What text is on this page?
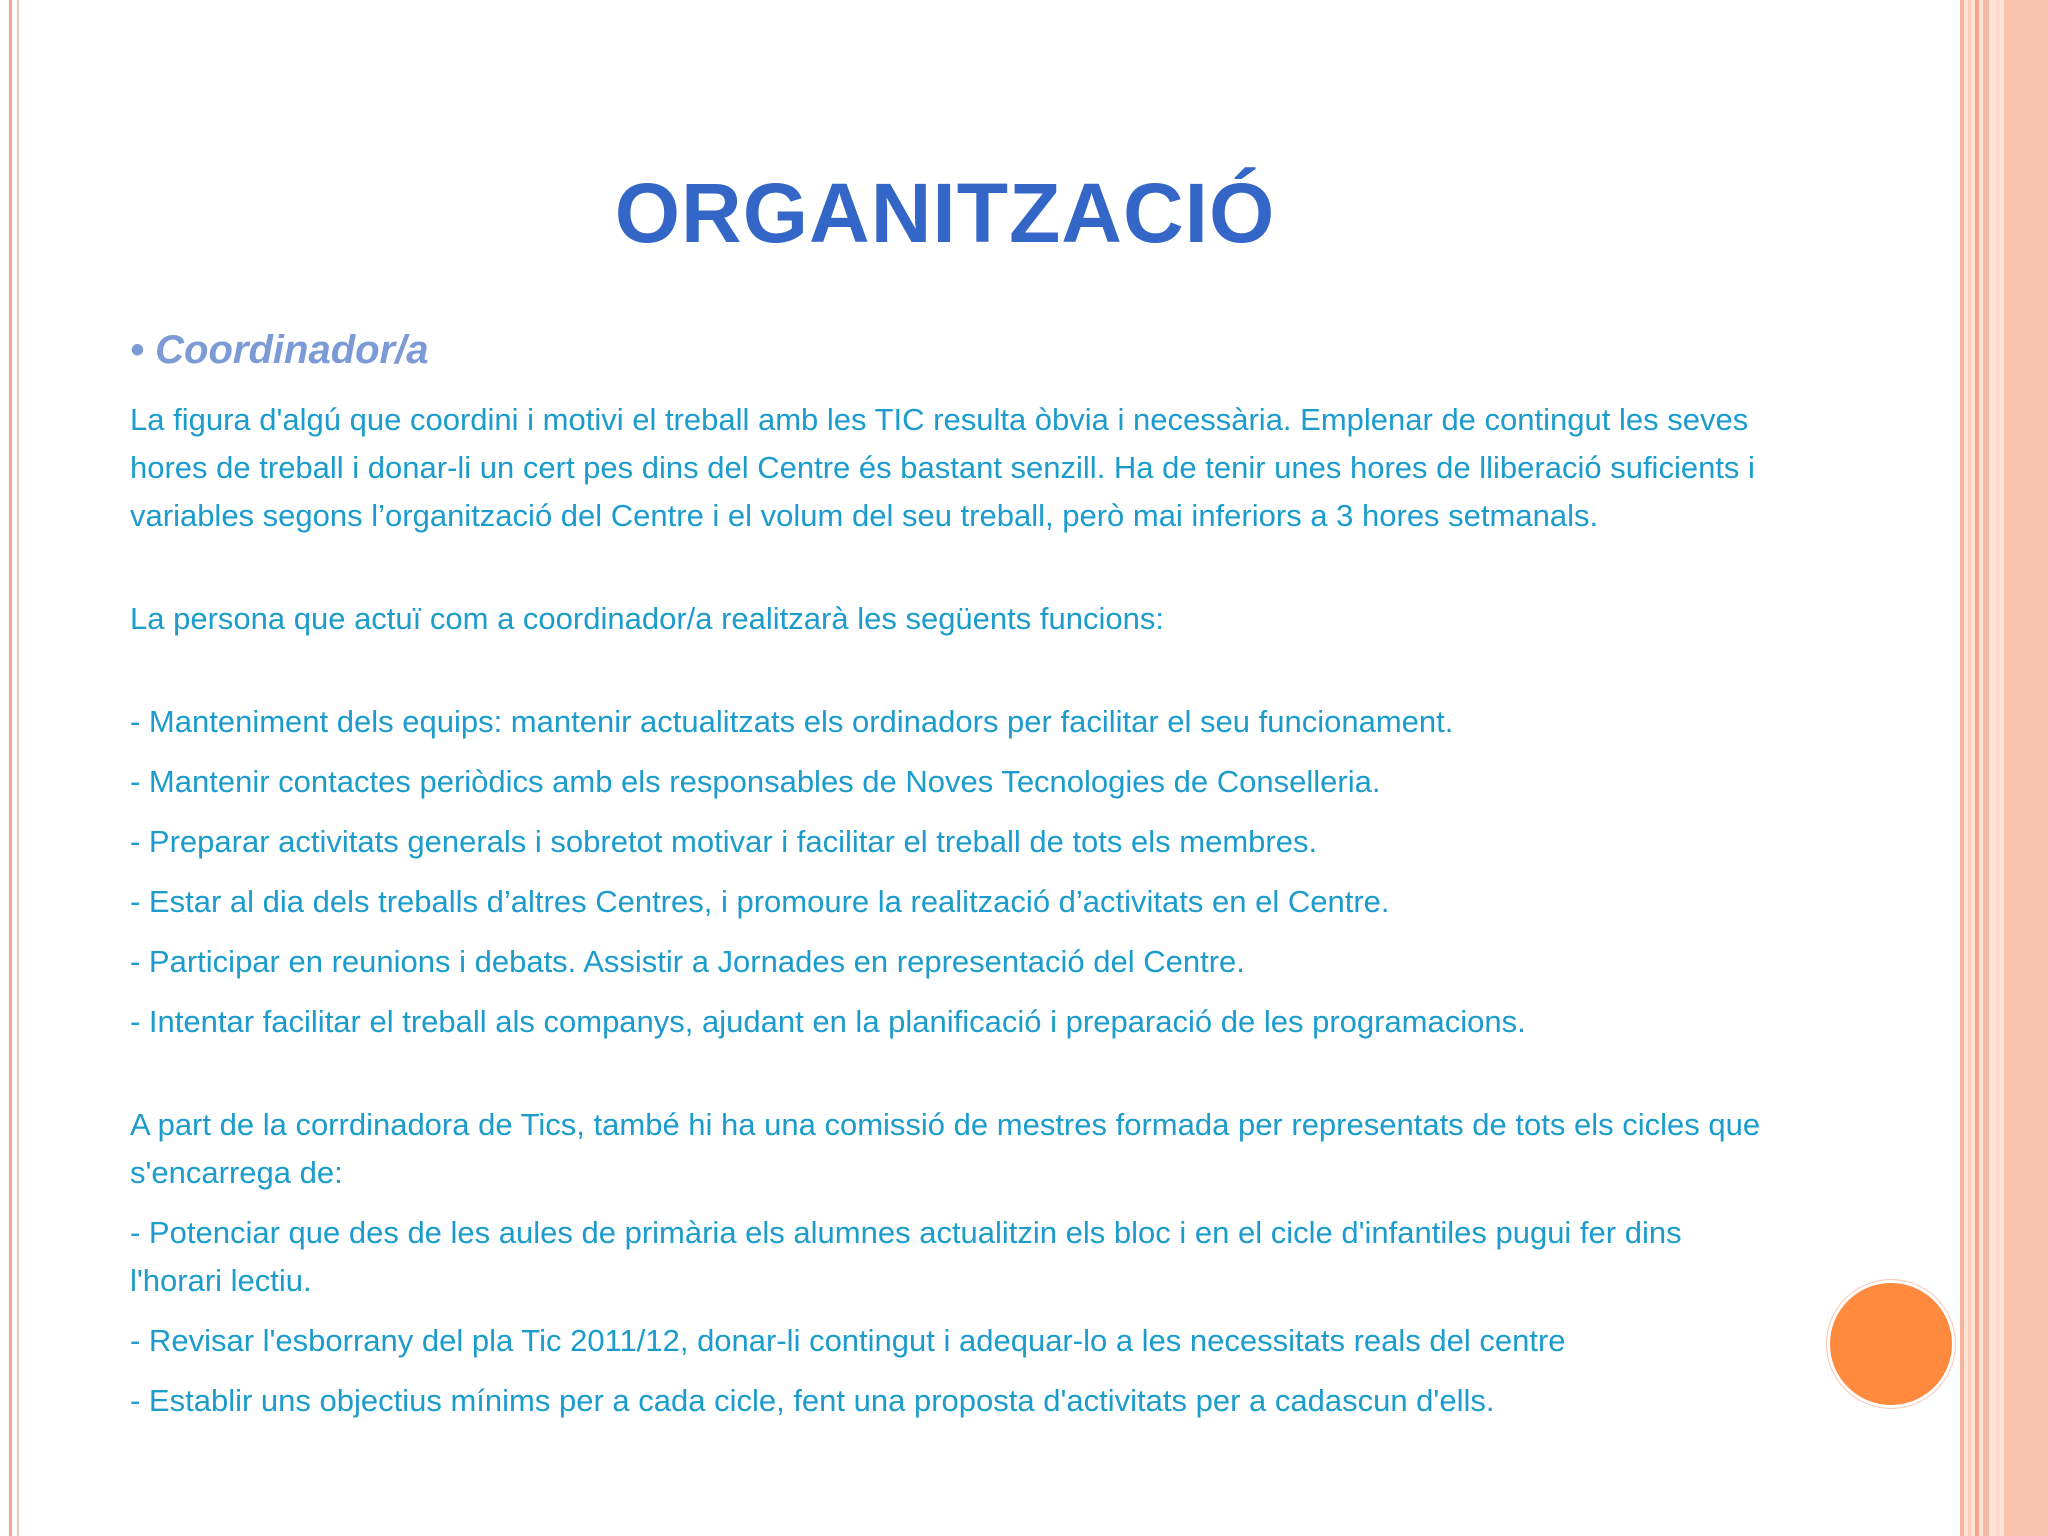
ORGANITZACIÓ
• Coordinador/a

La figura d'algú que coordini i motivi el treball amb les TIC resulta òbvia i necessària. Emplenar de contingut les seves hores de treball i donar-li un cert pes dins del Centre és bastant senzill. Ha de tenir unes hores de lliberació suficients i variables segons l’organització del Centre i el volum del seu treball, però mai inferiors a 3 hores setmanals.

La persona que actuï com a coordinador/a realitzarà les següents funcions:

- Manteniment dels equips: mantenir actualitzats els ordinadors per facilitar el seu funcionament.

- Mantenir contactes periòdics amb els responsables de Noves Tecnologies de Conselleria.

- Preparar activitats generals i sobretot motivar i facilitar el treball de tots els membres.

- Estar al dia dels treballs d’altres Centres, i promoure la realització d’activitats en el Centre.

- Participar en reunions i debats. Assistir a Jornades en representació del Centre.

- Intentar facilitar el treball als companys, ajudant en la planificació i preparació de les programacions.

A part de la corrdinadora de Tics, també hi ha una comissió de mestres formada per representats de tots els cicles que s'encarrega de:

- Potenciar que des de les aules de primària els alumnes actualitzin els bloc i en el cicle d'infantiles pugui fer dins l'horari lectiu.

- Revisar l'esborrany del pla Tic 2011/12, donar-li contingut i adequar-lo a les necessitats reals del centre

- Establir uns objectius mínims per a cada cicle, fent una proposta d'activitats per a cadascun d'ells.
